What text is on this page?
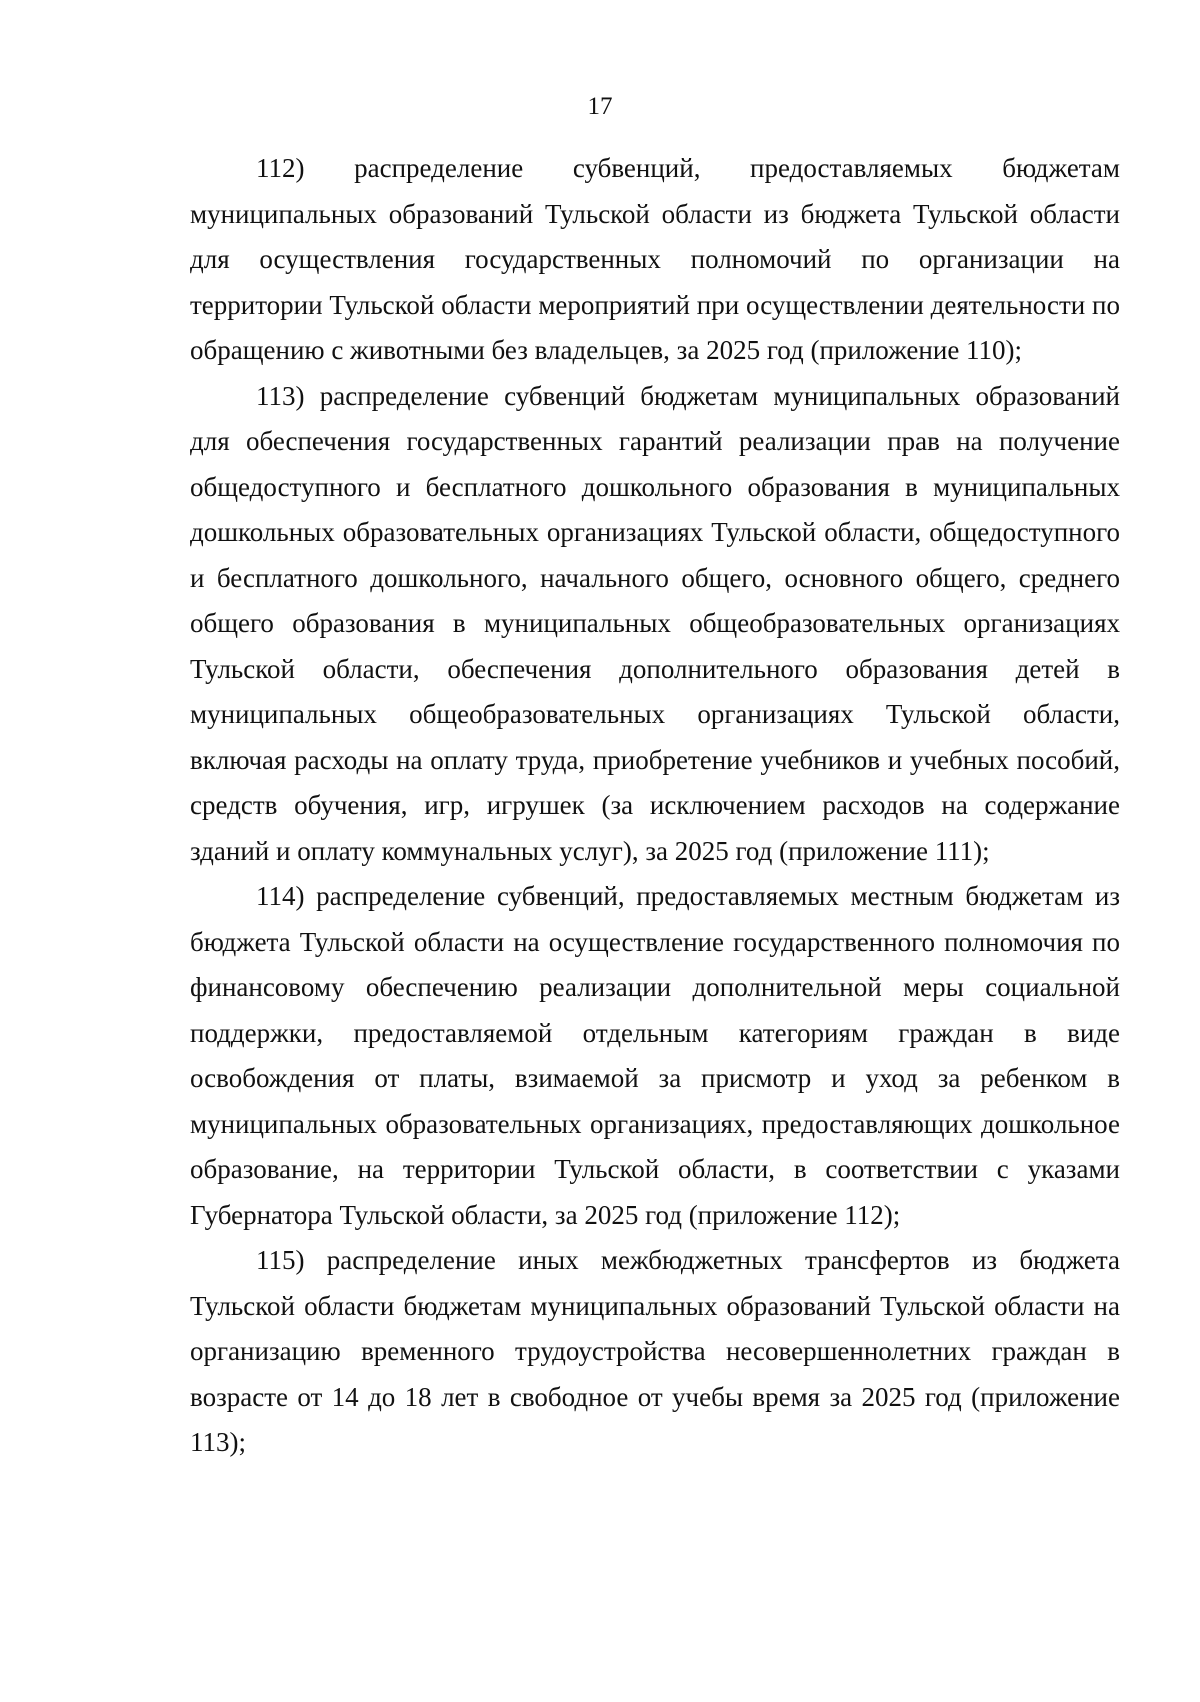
17

112) распределение субвенций, предоставляемых бюджетам муниципальных образований Тульской области из бюджета Тульской области для осуществления государственных полномочий по организации на территории Тульской области мероприятий при осуществлении деятельности по обращению с животными без владельцев, за 2025 год (приложение 110);

113) распределение субвенций бюджетам муниципальных образований для обеспечения государственных гарантий реализации прав на получение общедоступного и бесплатного дошкольного образования в муниципальных дошкольных образовательных организациях Тульской области, общедоступного и бесплатного дошкольного, начального общего, основного общего, среднего общего образования в муниципальных общеобразовательных организациях Тульской области, обеспечения дополнительного образования детей в муниципальных общеобразовательных организациях Тульской области, включая расходы на оплату труда, приобретение учебников и учебных пособий, средств обучения, игр, игрушек (за исключением расходов на содержание зданий и оплату коммунальных услуг), за 2025 год (приложение 111);

114) распределение субвенций, предоставляемых местным бюджетам из бюджета Тульской области на осуществление государственного полномочия по финансовому обеспечению реализации дополнительной меры социальной поддержки, предоставляемой отдельным категориям граждан в виде освобождения от платы, взимаемой за присмотр и уход за ребенком в муниципальных образовательных организациях, предоставляющих дошкольное образование, на территории Тульской области, в соответствии с указами Губернатора Тульской области, за 2025 год (приложение 112);

115) распределение иных межбюджетных трансфертов из бюджета Тульской области бюджетам муниципальных образований Тульской области на организацию временного трудоустройства несовершеннолетних граждан в возрасте от 14 до 18 лет в свободное от учебы время за 2025 год (приложение 113);
